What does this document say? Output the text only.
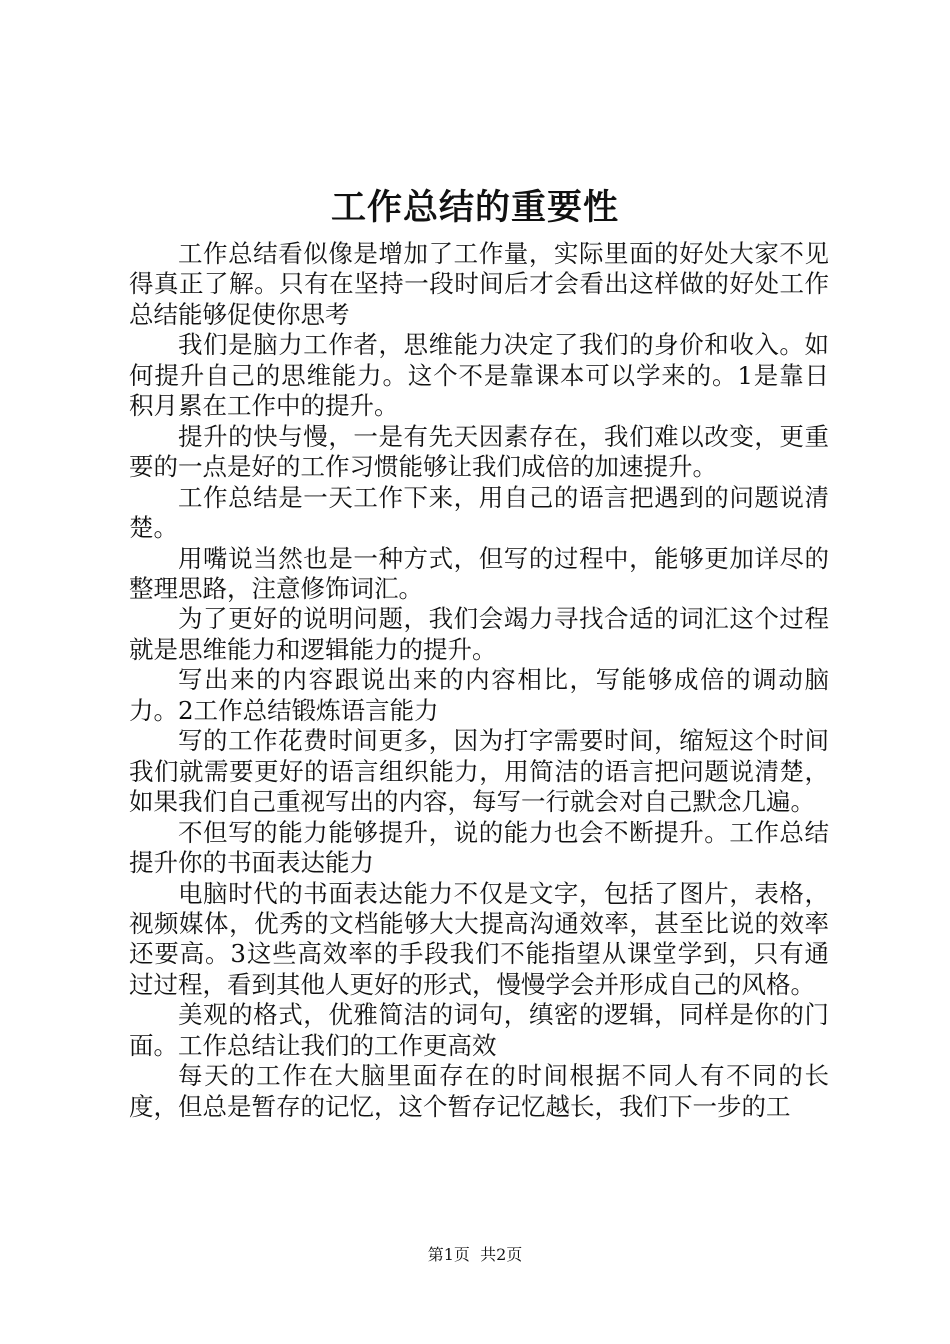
工作总结的重要性

工作总结看似像是增加了工作量，实际里面的好处大家不见得真正了解。只有在坚持一段时间后才会看出这样做的好处工作总结能够促使你思考

我们是脑力工作者，思维能力决定了我们的身价和收入。如何提升自己的思维能力。这个不是靠课本可以学来的。1是靠日积月累在工作中的提升。

提升的快与慢，一是有先天因素存在，我们难以改变，更重要的一点是好的工作习惯能够让我们成倍的加速提升。

工作总结是一天工作下来，用自己的语言把遇到的问题说清楚。

用嘴说当然也是一种方式，但写的过程中，能够更加详尽的整理思路，注意修饰词汇。

为了更好的说明问题，我们会竭力寻找合适的词汇这个过程就是思维能力和逻辑能力的提升。

写出来的内容跟说出来的内容相比，写能够成倍的调动脑力。2工作总结锻炼语言能力

写的工作花费时间更多，因为打字需要时间，缩短这个时间我们就需要更好的语言组织能力，用简洁的语言把问题说清楚，如果我们自己重视写出的内容，每写一行就会对自己默念几遍。

不但写的能力能够提升，说的能力也会不断提升。工作总结提升你的书面表达能力

电脑时代的书面表达能力不仅是文字，包括了图片，表格，视频媒体，优秀的文档能够大大提高沟通效率，甚至比说的效率还要高。3这些高效率的手段我们不能指望从课堂学到，只有通过过程，看到其他人更好的形式，慢慢学会并形成自己的风格。

美观的格式，优雅简洁的词句，缜密的逻辑，同样是你的门面。工作总结让我们的工作更高效

每天的工作在大脑里面存在的时间根据不同人有不同的长度，但总是暂存的记忆，这个暂存记忆越长，我们下一步的工

第1页 共2页
